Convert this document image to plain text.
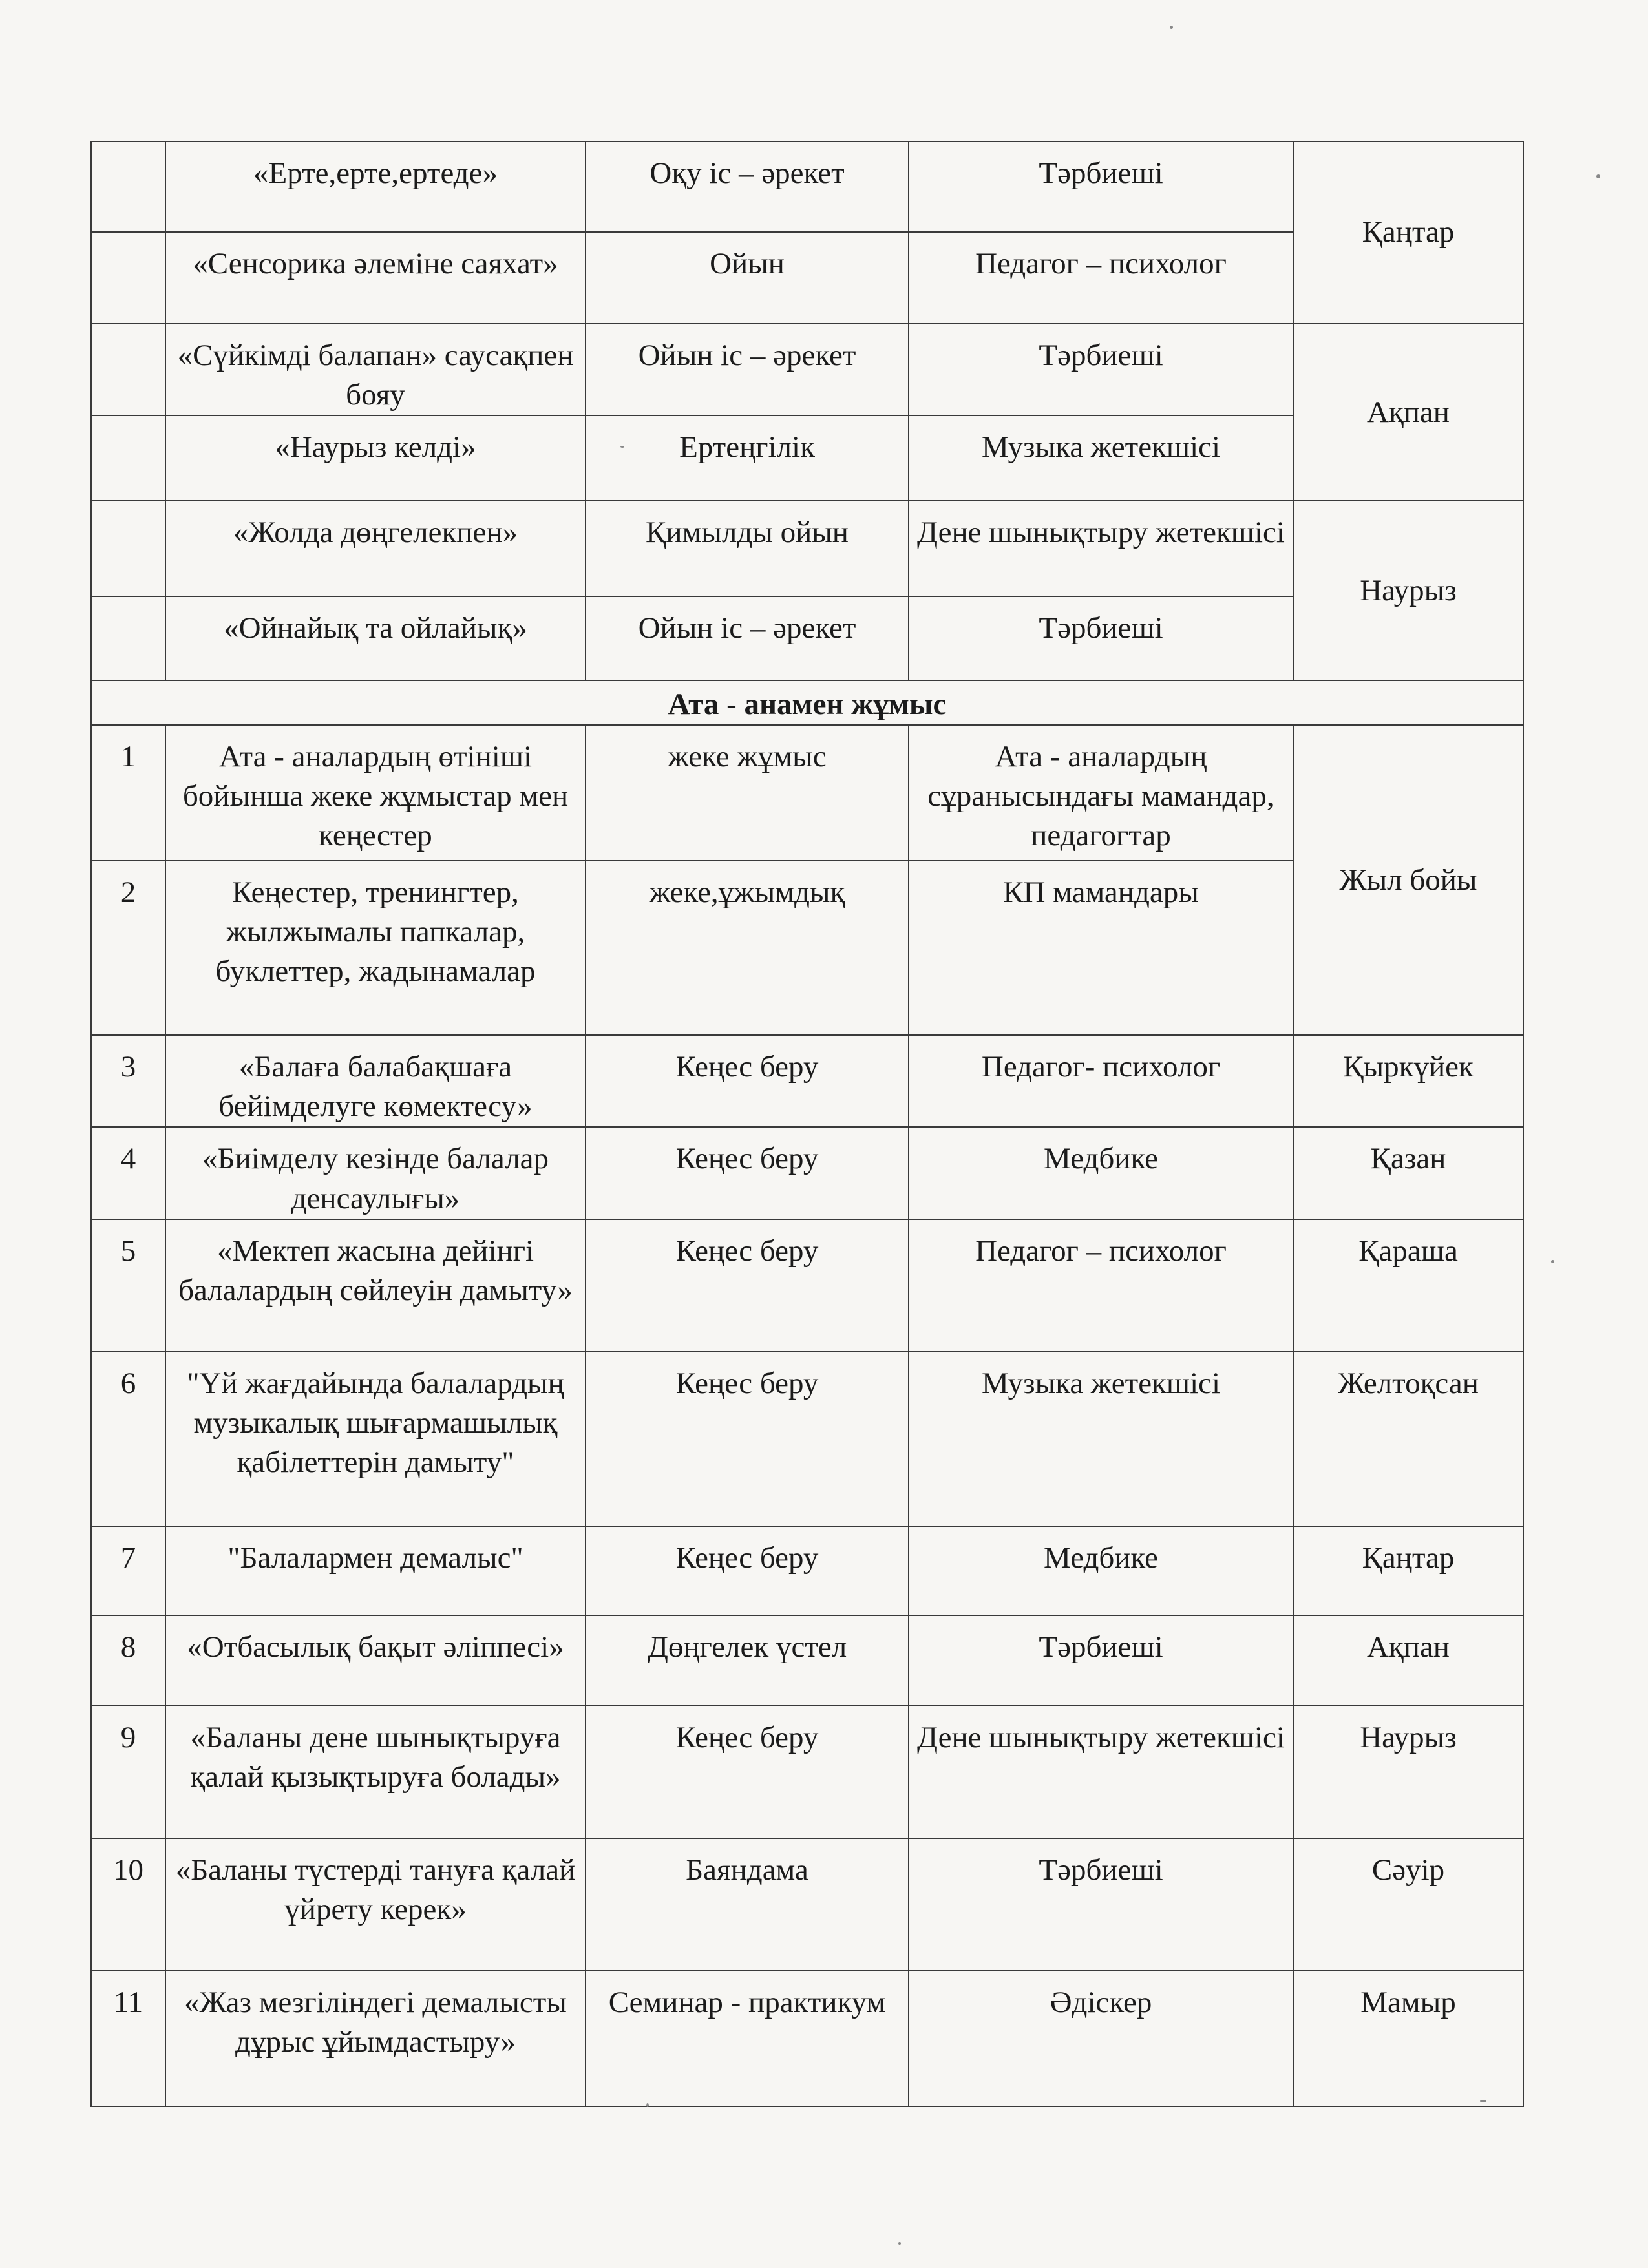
	«Ерте,ерте,ертеде»	Оқу іс – әрекет	Тәрбиеші	Қаңтар
	«Сенсорика әлеміне саяхат»	Ойын	Педагог – психолог	
	«Сүйкімді балапан» саусақпен бояу	Ойын іс – әрекет	Тәрбиеші	Ақпан
	«Наурыз келді»	Ертеңгілік	Музыка жетекшісі	
	«Жолда дөңгелекпен»	Қимылды ойын	Дене шынықтыру жетекшісі	Наурыз
	«Ойнайық та ойлайық»	Ойын іс – әрекет	Тәрбиеші	
Ата - анамен жұмыс				
1	Ата - аналардың өтініші бойынша жеке жұмыстар мен кеңестер	жеке жұмыс	Ата - аналардың сұранысындағы мамандар, педагогтар	Жыл бойы
2	Кеңестер, тренингтер, жылжымалы папкалар, буклеттер, жадынамалар	жеке,ұжымдық	КП мамандары	
3	«Балаға балабақшаға бейімделуге көмектесу»	Кеңес беру	Педагог- психолог	Қыркүйек
4	«Биімделу кезінде балалар денсаулығы»	Кеңес беру	Медбике	Қазан
5	«Мектеп жасына дейінгі балалардың сөйлеуін дамыту»	Кеңес беру	Педагог – психолог	Қараша
6	"Үй жағдайында балалардың музыкалық шығармашылық қабілеттерін дамыту"	Кеңес беру	Музыка жетекшісі	Желтоқсан
7	"Балалармен демалыс"	Кеңес беру	Медбике	Қаңтар
8	«Отбасылық бақыт әліппесі»	Дөңгелек үстел	Тәрбиеші	Ақпан
9	«Баланы дене шынықтыруға қалай қызықтыруға болады»	Кеңес беру	Дене шынықтыру жетекшісі	Наурыз
10	«Баланы түстерді тануға қалай үйрету керек»	Баяндама	Тәрбиеші	Сәуір
11	«Жаз мезгіліндегі демалысты дұрыс ұйымдастыру»	Семинар - практикум	Әдіскер	Мамыр
